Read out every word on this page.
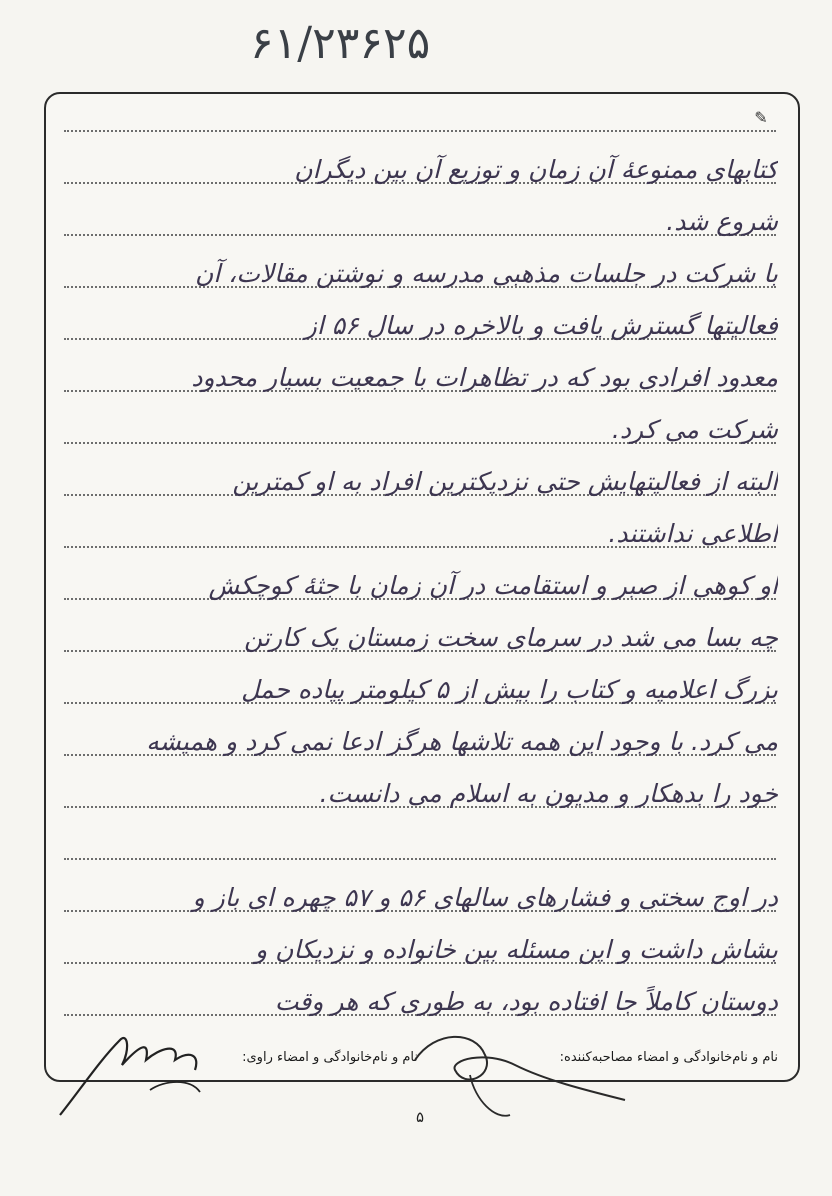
۶۱/۲۳۶۲۵
✎
کتابهای ممنوعهٔ آن زمان و توزیع آن بین دیگران
شروع شد.
با شرکت در جلسات مذهبی مدرسه و نوشتن مقالات، آن
فعالیتها گسترش یافت و بالاخره در سال ۵۶ از
معدود افرادی بود که در تظاهرات با جمعیت بسیار محدود
شرکت می کرد.
البته از فعالیتهایش حتی نزدیکترین افراد به او کمترین
اطلاعی نداشتند.
او کوهی از صبر و استقامت در آن زمان با جثهٔ کوچکش
چه بسا می شد در سرمای سخت زمستان یک کارتن
بزرگ اعلامیه و کتاب را بیش از ۵ کیلومتر پیاده حمل
می کرد. با وجود این همه تلاشها هرگز ادعا نمی کرد و همیشه
خود را بدهکار و مدیون به اسلام می دانست.
در اوج سختی و فشارهای سالهای ۵۶ و ۵۷ چهره ای باز و
بشاش داشت و این مسئله بین خانواده و نزدیکان و
دوستان کاملاً جا افتاده بود، به طوری که هر وقت
نام و نام‌خانوادگی و امضاء مصاحبه‌کننده:
نام و نام‌خانوادگی و امضاء راوی:
۵
